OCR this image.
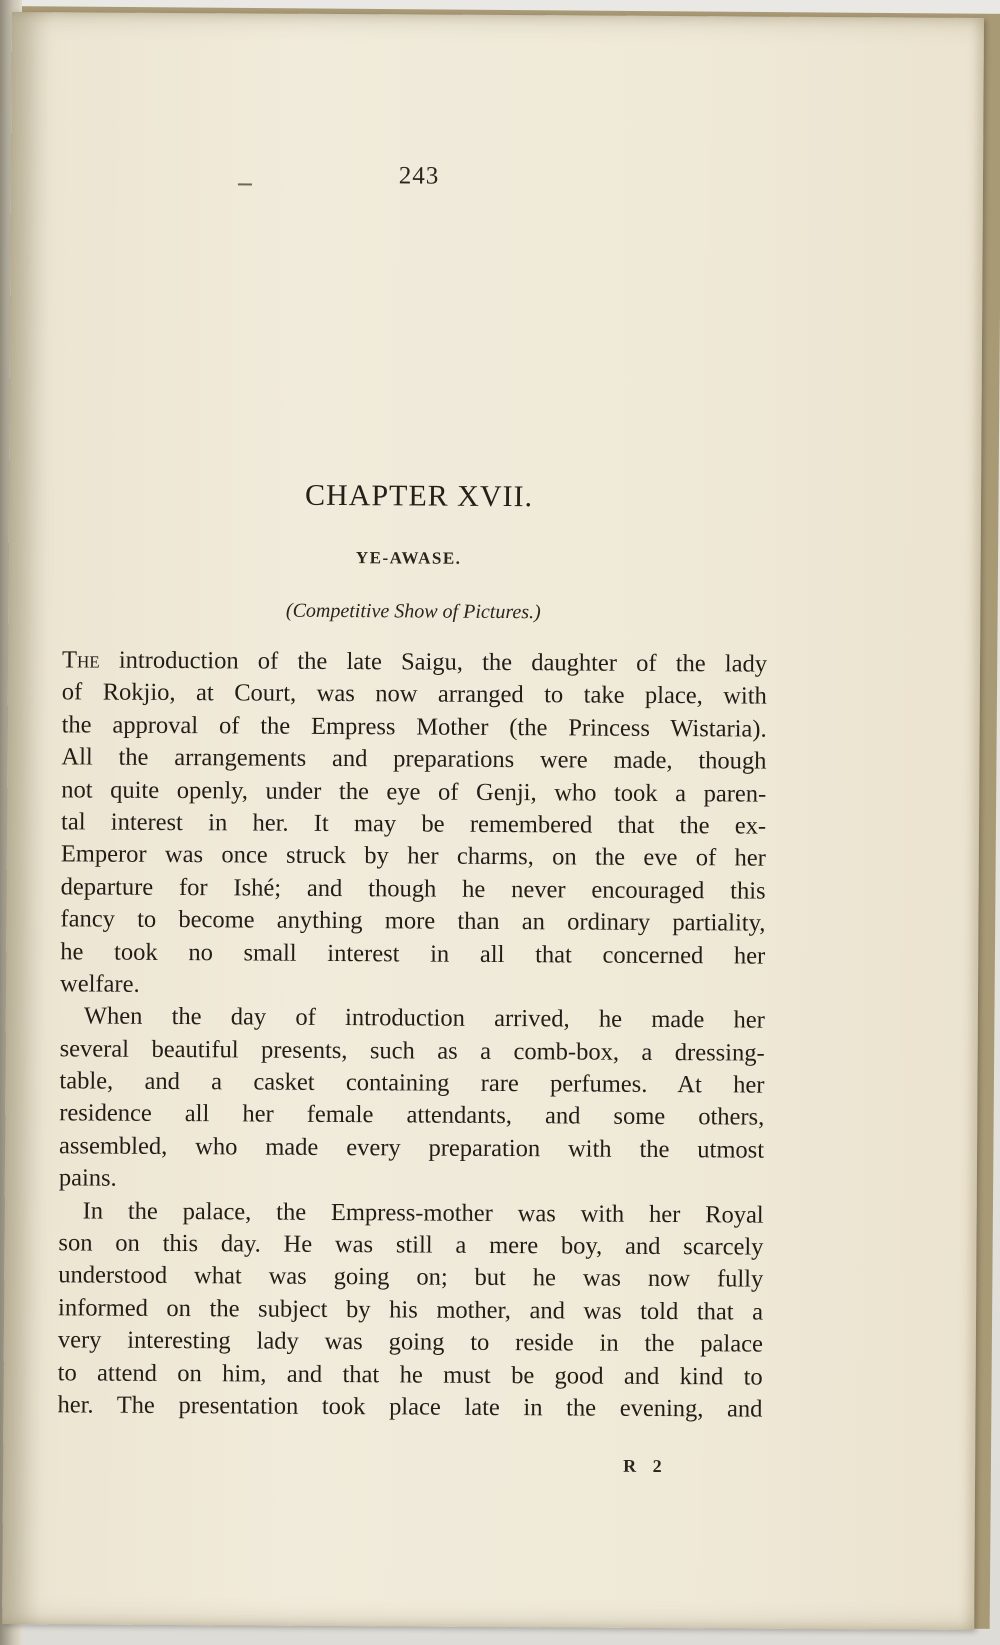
243
CHAPTER XVII.
YE-AWASE.
(Competitive Show of Pictures.)
The introduction of the late Saigu, the daughter of the lady
of Rokjio, at Court, was now arranged to take place, with
the approval of the Empress Mother (the Princess Wistaria).
All the arrangements and preparations were made, though
not quite openly, under the eye of Genji, who took a paren-
tal interest in her. It may be remembered that the ex-
Emperor was once struck by her charms, on the eve of her
departure for Ishé; and though he never encouraged this
fancy to become anything more than an ordinary partiality,
he took no small interest in all that concerned her
welfare.
When the day of introduction arrived, he made her
several beautiful presents, such as a comb-box, a dressing-
table, and a casket containing rare perfumes. At her
residence all her female attendants, and some others,
assembled, who made every preparation with the utmost
pains.
In the palace, the Empress-mother was with her Royal
son on this day. He was still a mere boy, and scarcely
understood what was going on; but he was now fully
informed on the subject by his mother, and was told that a
very interesting lady was going to reside in the palace
to attend on him, and that he must be good and kind to
her. The presentation took place late in the evening, and
R 2
